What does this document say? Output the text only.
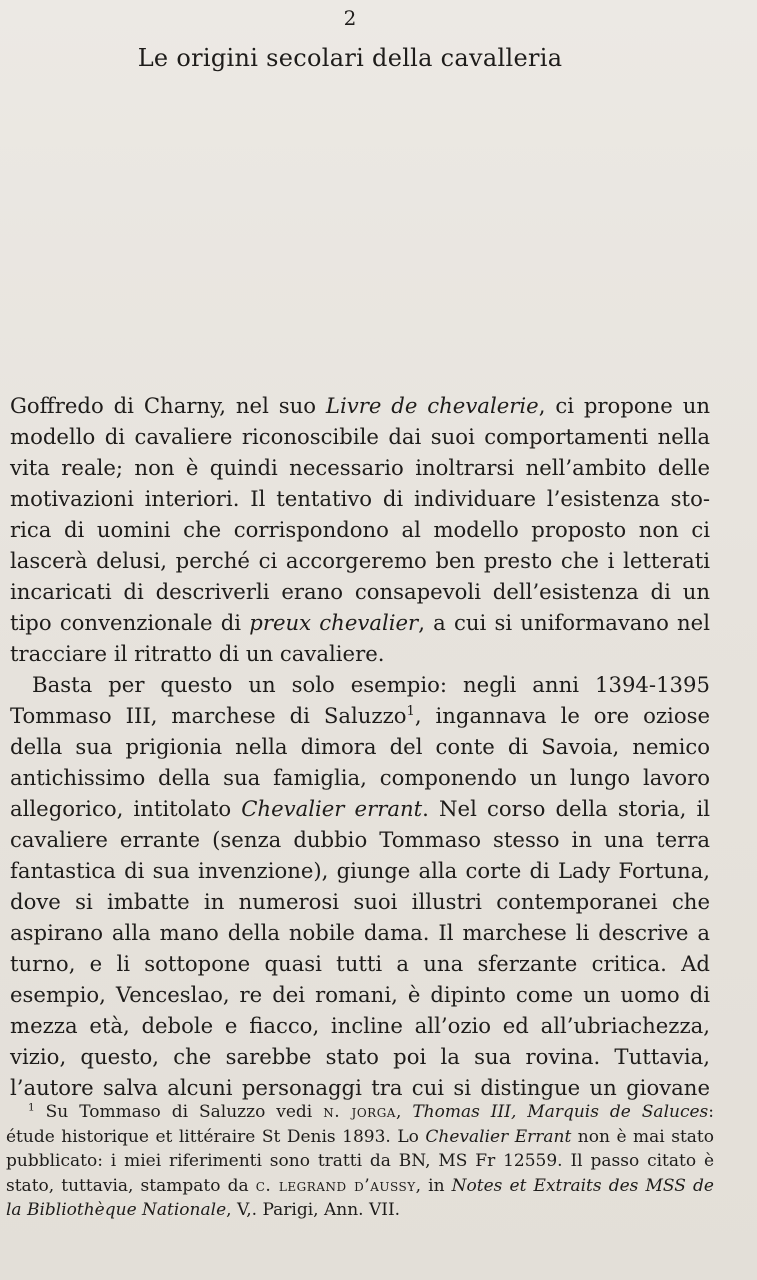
2
Le origini secolari della cavalleria
Goffredo di Charny, nel suo Livre de chevalerie, ci propone un
modello di cavaliere riconoscibile dai suoi comportamenti nella
vita reale; non è quindi necessario inoltrarsi nell’ambito delle
motivazioni interiori. Il tentativo di individuare l’esistenza sto-
rica di uomini che corrispondono al modello proposto non ci
lascerà delusi, perché ci accorgeremo ben presto che i letterati
incaricati di descriverli erano consapevoli dell’esistenza di un
tipo convenzionale di preux chevalier, a cui si uniformavano nel
tracciare il ritratto di un cavaliere.
Basta per questo un solo esempio: negli anni 1394-1395
Tommaso III, marchese di Saluzzo$^1$, ingannava le ore oziose
della sua prigionia nella dimora del conte di Savoia, nemico
antichissimo della sua famiglia, componendo un lungo lavoro
allegorico, intitolato Chevalier errant. Nel corso della storia, il
cavaliere errante (senza dubbio Tommaso stesso in una terra
fantastica di sua invenzione), giunge alla corte di Lady Fortuna,
dove si imbatte in numerosi suoi illustri contemporanei che
aspirano alla mano della nobile dama. Il marchese li descrive a
turno, e li sottopone quasi tutti a una sferzante critica. Ad
esempio, Venceslao, re dei romani, è dipinto come un uomo di
mezza età, debole e fiacco, incline all’ozio ed all’ubriachezza,
vizio, questo, che sarebbe stato poi la sua rovina. Tuttavia,
l’autore salva alcuni personaggi tra cui si distingue un giovane
$^1$ Su Tommaso di Saluzzo vedi n. jorga, Thomas III, Marquis de Saluces:
étude historique et littéraire St Denis 1893. Lo Chevalier Errant non è mai stato
pubblicato: i miei riferimenti sono tratti da BN, MS Fr 12559. Il passo citato è
stato, tuttavia, stampato da c. legrand d’aussy, in Notes et Extraits des MSS de
la Bibliothèque Nationale, V,. Parigi, Ann. VII.
